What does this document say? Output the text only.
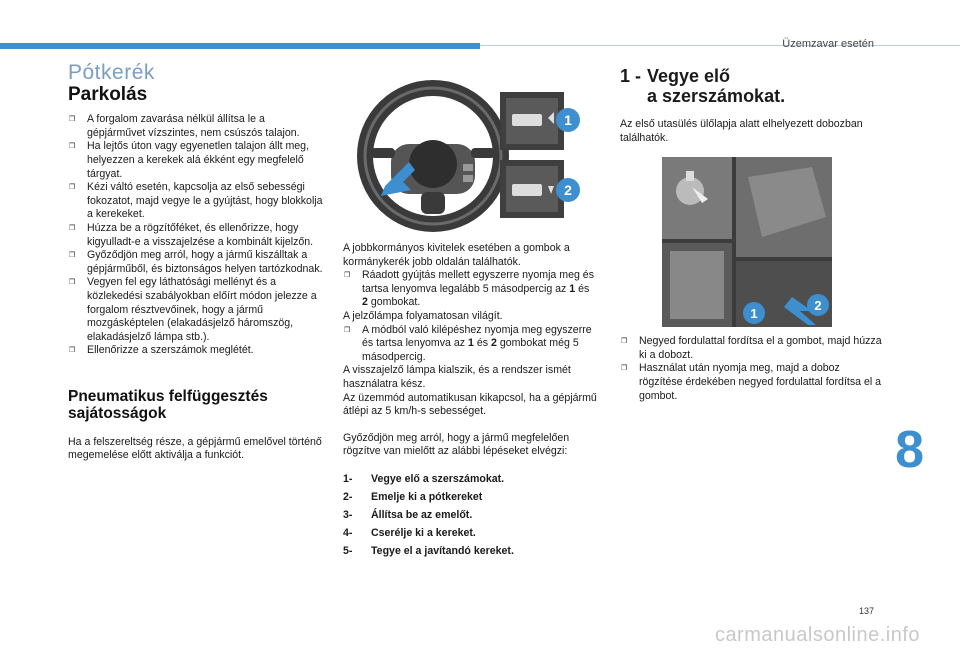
Üzemzavar esetén
Pótkerék
Parkolás
❒ A forgalom zavarása nélkül állítsa le a gépjárművet vízszintes, nem csúszós talajon.
❒ Ha lejtős úton vagy egyenetlen talajon állt meg, helyezzen a kerekek alá ékként egy megfelelő tárgyat.
❒ Kézi váltó esetén, kapcsolja az első sebességi fokozatot, majd vegye le a gyújtást, hogy blokkolja a kerekeket.
❒ Húzza be a rögzítőféket, és ellenőrizze, hogy kigyulladt-e a visszajelzése a kombinált kijelzőn.
❒ Győződjön meg arról, hogy a jármű kiszálltak a gépjárműből, és biztonságos helyen tartózkodnak.
❒ Vegyen fel egy láthatósági mellényt és a közlekedési szabályokban előírt módon jelezze a forgalom résztvevőinek, hogy a jármű mozgásképtelen (elakadásjelző háromszög, elakadásjelző lámpa stb.).
❒ Ellenőrizze a szerszámok meglétét.
Pneumatikus felfüggesztés sajátosságok

Ha a felszereltség része, a gépjármű emelővel történő megemelése előtt aktiválja a funkciót.

1
2

A jobbkormányos kivitelek esetében a gombok a kormánykerék jobb oldalán találhatók.

❒ Ráadott gyújtás mellett egyszerre nyomja meg és tartsa lenyomva legalább 5 másodpercig az 1 és 2 gombokat.

A jelzőlámpa folyamatosan világít.

❒ A módból való kilépéshez nyomja meg egyszerre és tartsa lenyomva az 1 és 2 gombokat még 5 másodpercig.

A visszajelző lámpa kialszik, és a rendszer ismét használatra kész.

Az üzemmód automatikusan kikapcsol, ha a gépjármű átlépi az 5 km/h-s sebességet.

Győződjön meg arról, hogy a jármű megfelelően rögzítve van mielőtt az alábbi lépéseket elvégzi:

1-	Vegye elő a szerszámokat.
2-	Emelje ki a pótkereket
3-	Állítsa be az emelőt.
4-	Cserélje ki a kereket.
5-	Tegye el a javítandó kereket.
1 - Vegye elő
a szerszámokat.

Az első utasülés ülőlapja alatt elhelyezett dobozban találhatók.

1
2
❒ Negyed fordulattal fordítsa el a gombot, majd húzza ki a dobozt.
❒ Használat után nyomja meg, majd a doboz rögzítése érdekében negyed fordulattal fordítsa el a gombot.
8
137
carmanualsonline.info
